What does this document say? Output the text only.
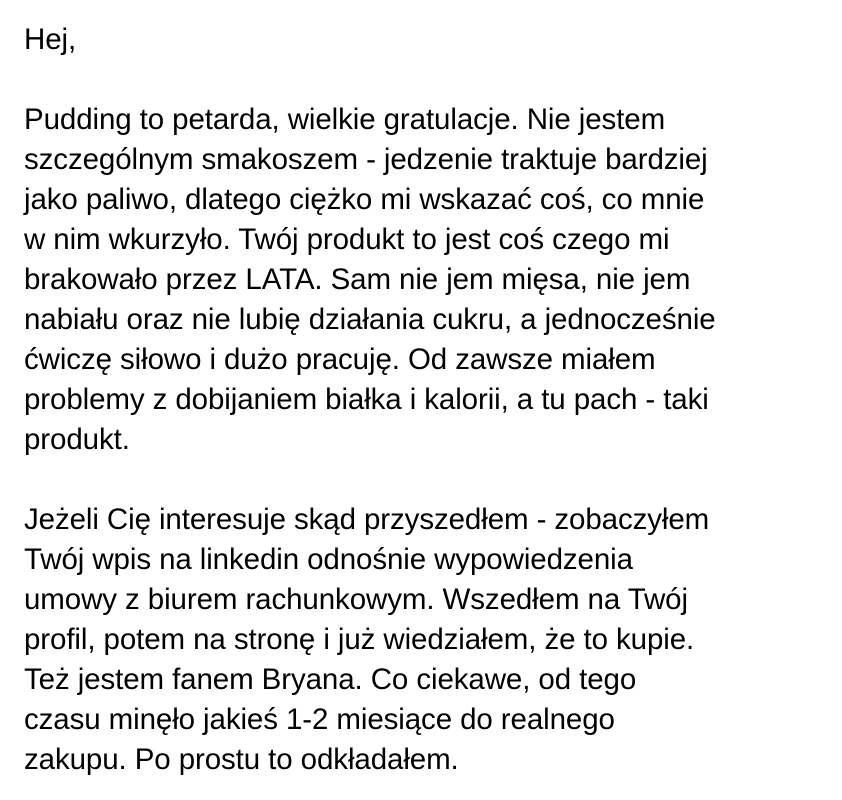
Hej,
Pudding to petarda, wielkie gratulacje. Nie jestem
szczególnym smakoszem - jedzenie traktuje bardziej
jako paliwo, dlatego ciężko mi wskazać coś, co mnie
w nim wkurzyło. Twój produkt to jest coś czego mi
brakowało przez LATA. Sam nie jem mięsa, nie jem
nabiału oraz nie lubię działania cukru, a jednocześnie
ćwiczę siłowo i dużo pracuję. Od zawsze miałem
problemy z dobijaniem białka i kalorii, a tu pach - taki
produkt.
Jeżeli Cię interesuje skąd przyszedłem - zobaczyłem
Twój wpis na linkedin odnośnie wypowiedzenia
umowy z biurem rachunkowym. Wszedłem na Twój
profil, potem na stronę i już wiedziałem, że to kupie.
Też jestem fanem Bryana. Co ciekawe, od tego
czasu minęło jakieś 1-2 miesiące do realnego
zakupu. Po prostu to odkładałem.
